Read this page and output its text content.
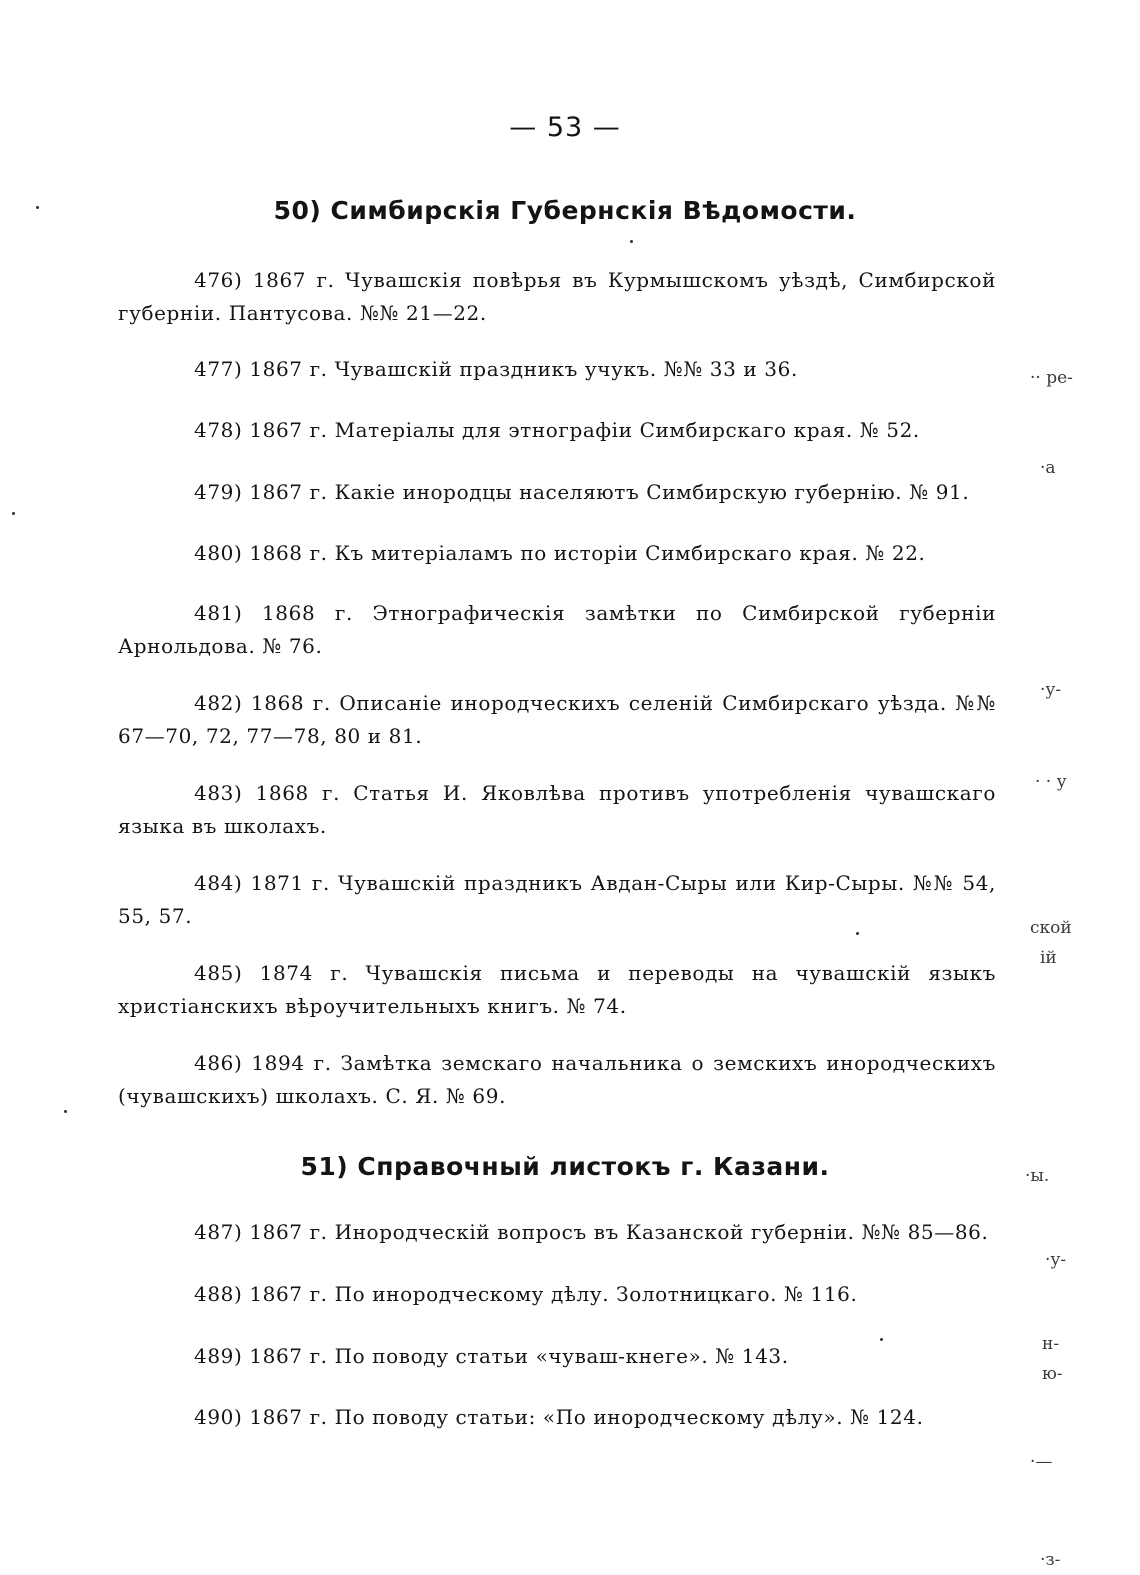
— 53 —
50) Симбирскія Губернскія Вѣдомости.
476) 1867 г. Чувашскія повѣрья въ Курмышскомъ уѣздѣ, Симбирской губерніи. Пантусова. №№ 21—22.
477) 1867 г. Чувашскій праздникъ учукъ. №№ 33 и 36.
478) 1867 г. Матеріалы для этнографіи Симбирскаго края. № 52.
479) 1867 г. Какіе инородцы населяютъ Симбирскую губернію. № 91.
480) 1868 г. Къ митеріаламъ по исторіи Симбирскаго края. № 22.
481) 1868 г. Этнографическія замѣтки по Симбирской губерніи Арнольдова. № 76.
482) 1868 г. Описаніе инородческихъ селеній Симбирскаго уѣзда. №№ 67—70, 72, 77—78, 80 и 81.
483) 1868 г. Статья И. Яковлѣва противъ употребленія чувашскаго языка въ школахъ.
484) 1871 г. Чувашскій праздникъ Авдан-Сыры или Кир-Сыры. №№ 54, 55, 57.
485) 1874 г. Чувашскія письма и переводы на чувашскій языкъ христіанскихъ вѣроучительныхъ книгъ. № 74.
486) 1894 г. Замѣтка земскаго начальника о земскихъ инородческихъ (чувашскихъ) школахъ. С. Я. № 69.
51) Справочный листокъ г. Казани.
487) 1867 г. Инородческій вопросъ въ Казанской губерніи. №№ 85—86.
488) 1867 г. По инородческому дѣлу. Золотницкаго. № 116.
489) 1867 г. По поводу статьи «чуваш-кнеге». № 143.
490) 1867 г. По поводу статьи: «По инородческому дѣлу». № 124.
·· ре-
·а
·у-
· · у
ской
ій
·ы.
·у-
н-
ю-
·—
·з-
